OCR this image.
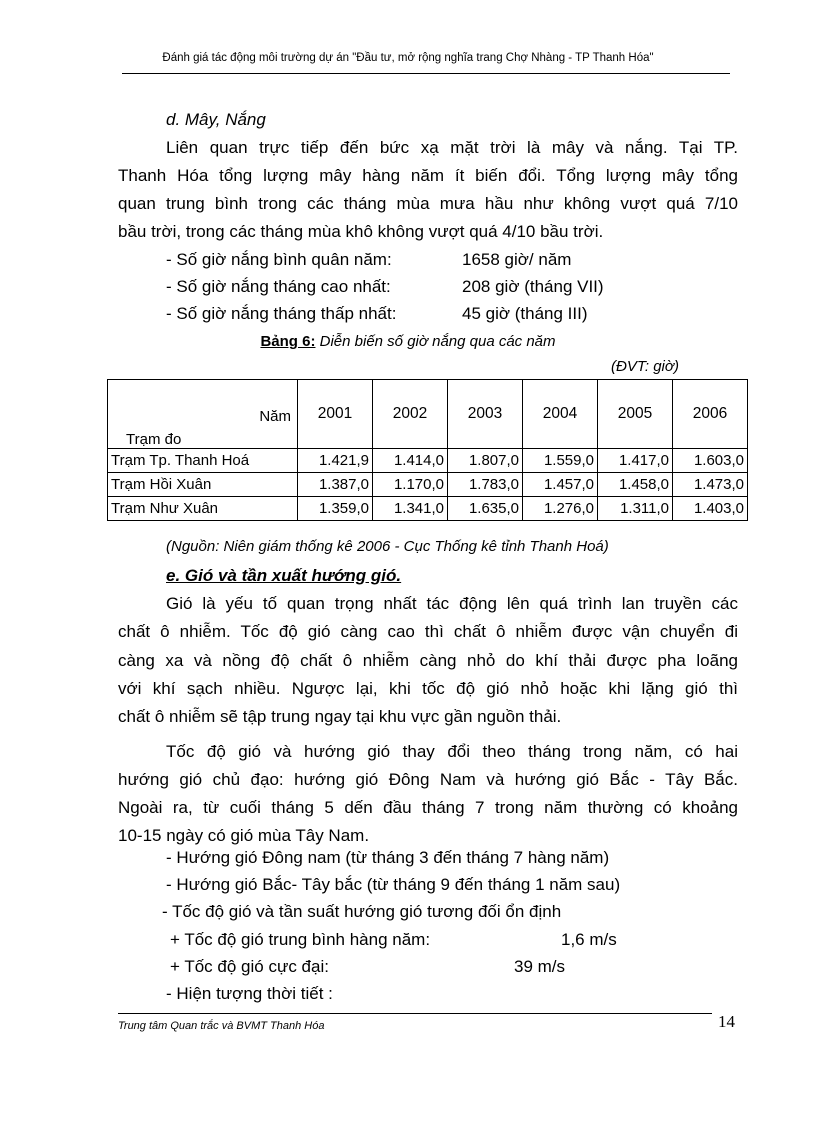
Đánh giá tác động môi trường dự án "Đầu tư, mở rộng nghĩa trang Chợ Nhàng - TP Thanh Hóa"
d. Mây, Nắng
Liên quan trực tiếp đến bức xạ mặt trời là mây và nắng. Tại TP.
Thanh Hóa tổng lượng mây hàng năm ít biến đổi. Tổng lượng mây tổng
quan trung bình trong các tháng mùa mưa hầu như không vượt quá 7/10
bầu trời, trong các tháng mùa khô không vượt quá 4/10 bầu trời.
- Số giờ nắng bình quân năm:	1658 giờ/ năm
- Số giờ nắng tháng cao nhất:	208 giờ (tháng VII)
- Số giờ nắng tháng thấp nhất:	45 giờ (tháng III)
Bảng 6: Diễn biến số giờ nắng qua các năm
(ĐVT: giờ)
Năm
Trạm đo	2001	2002	2003	2004	2005	2006
Trạm Tp. Thanh Hoá	1.421,9	1.414,0	1.807,0	1.559,0	1.417,0	1.603,0
Trạm Hồi Xuân	1.387,0	1.170,0	1.783,0	1.457,0	1.458,0	1.473,0
Trạm Như Xuân	1.359,0	1.341,0	1.635,0	1.276,0	1.311,0	1.403,0
(Nguồn: Niên giám thống kê 2006 - Cục Thống kê tỉnh Thanh Hoá)
e. Gió và tần xuất hướng gió.
Gió là yếu tố quan trọng nhất tác động lên quá trình lan truyền các
chất ô nhiễm. Tốc độ gió càng cao thì chất ô nhiễm được vận chuyển đi
càng xa và nồng độ chất ô nhiễm càng nhỏ do khí thải được pha loãng
với khí sạch nhiều. Ngược lại, khi tốc độ gió nhỏ hoặc khi lặng gió thì
chất ô nhiễm sẽ tập trung ngay tại khu vực gần nguồn thải.
Tốc độ gió và hướng gió thay đổi theo tháng trong năm, có hai
hướng gió chủ đạo: hướng gió Đông Nam và hướng gió Bắc - Tây Bắc.
Ngoài ra, từ cuối tháng 5 dến đầu tháng 7 trong năm thường có khoảng
10-15 ngày có gió mùa Tây Nam.
- Hướng gió Đông nam (từ tháng 3 đến tháng 7 hàng năm)
- Hướng gió Bắc- Tây bắc (từ tháng 9 đến tháng 1 năm sau)
- Tốc độ gió và tần suất hướng gió tương đối ổn định
+ Tốc độ gió trung bình hàng năm:	1,6 m/s
+ Tốc độ gió cực đại:	39 m/s
- Hiện tượng thời tiết :
Trung tâm Quan trắc và BVMT Thanh Hóa	14
